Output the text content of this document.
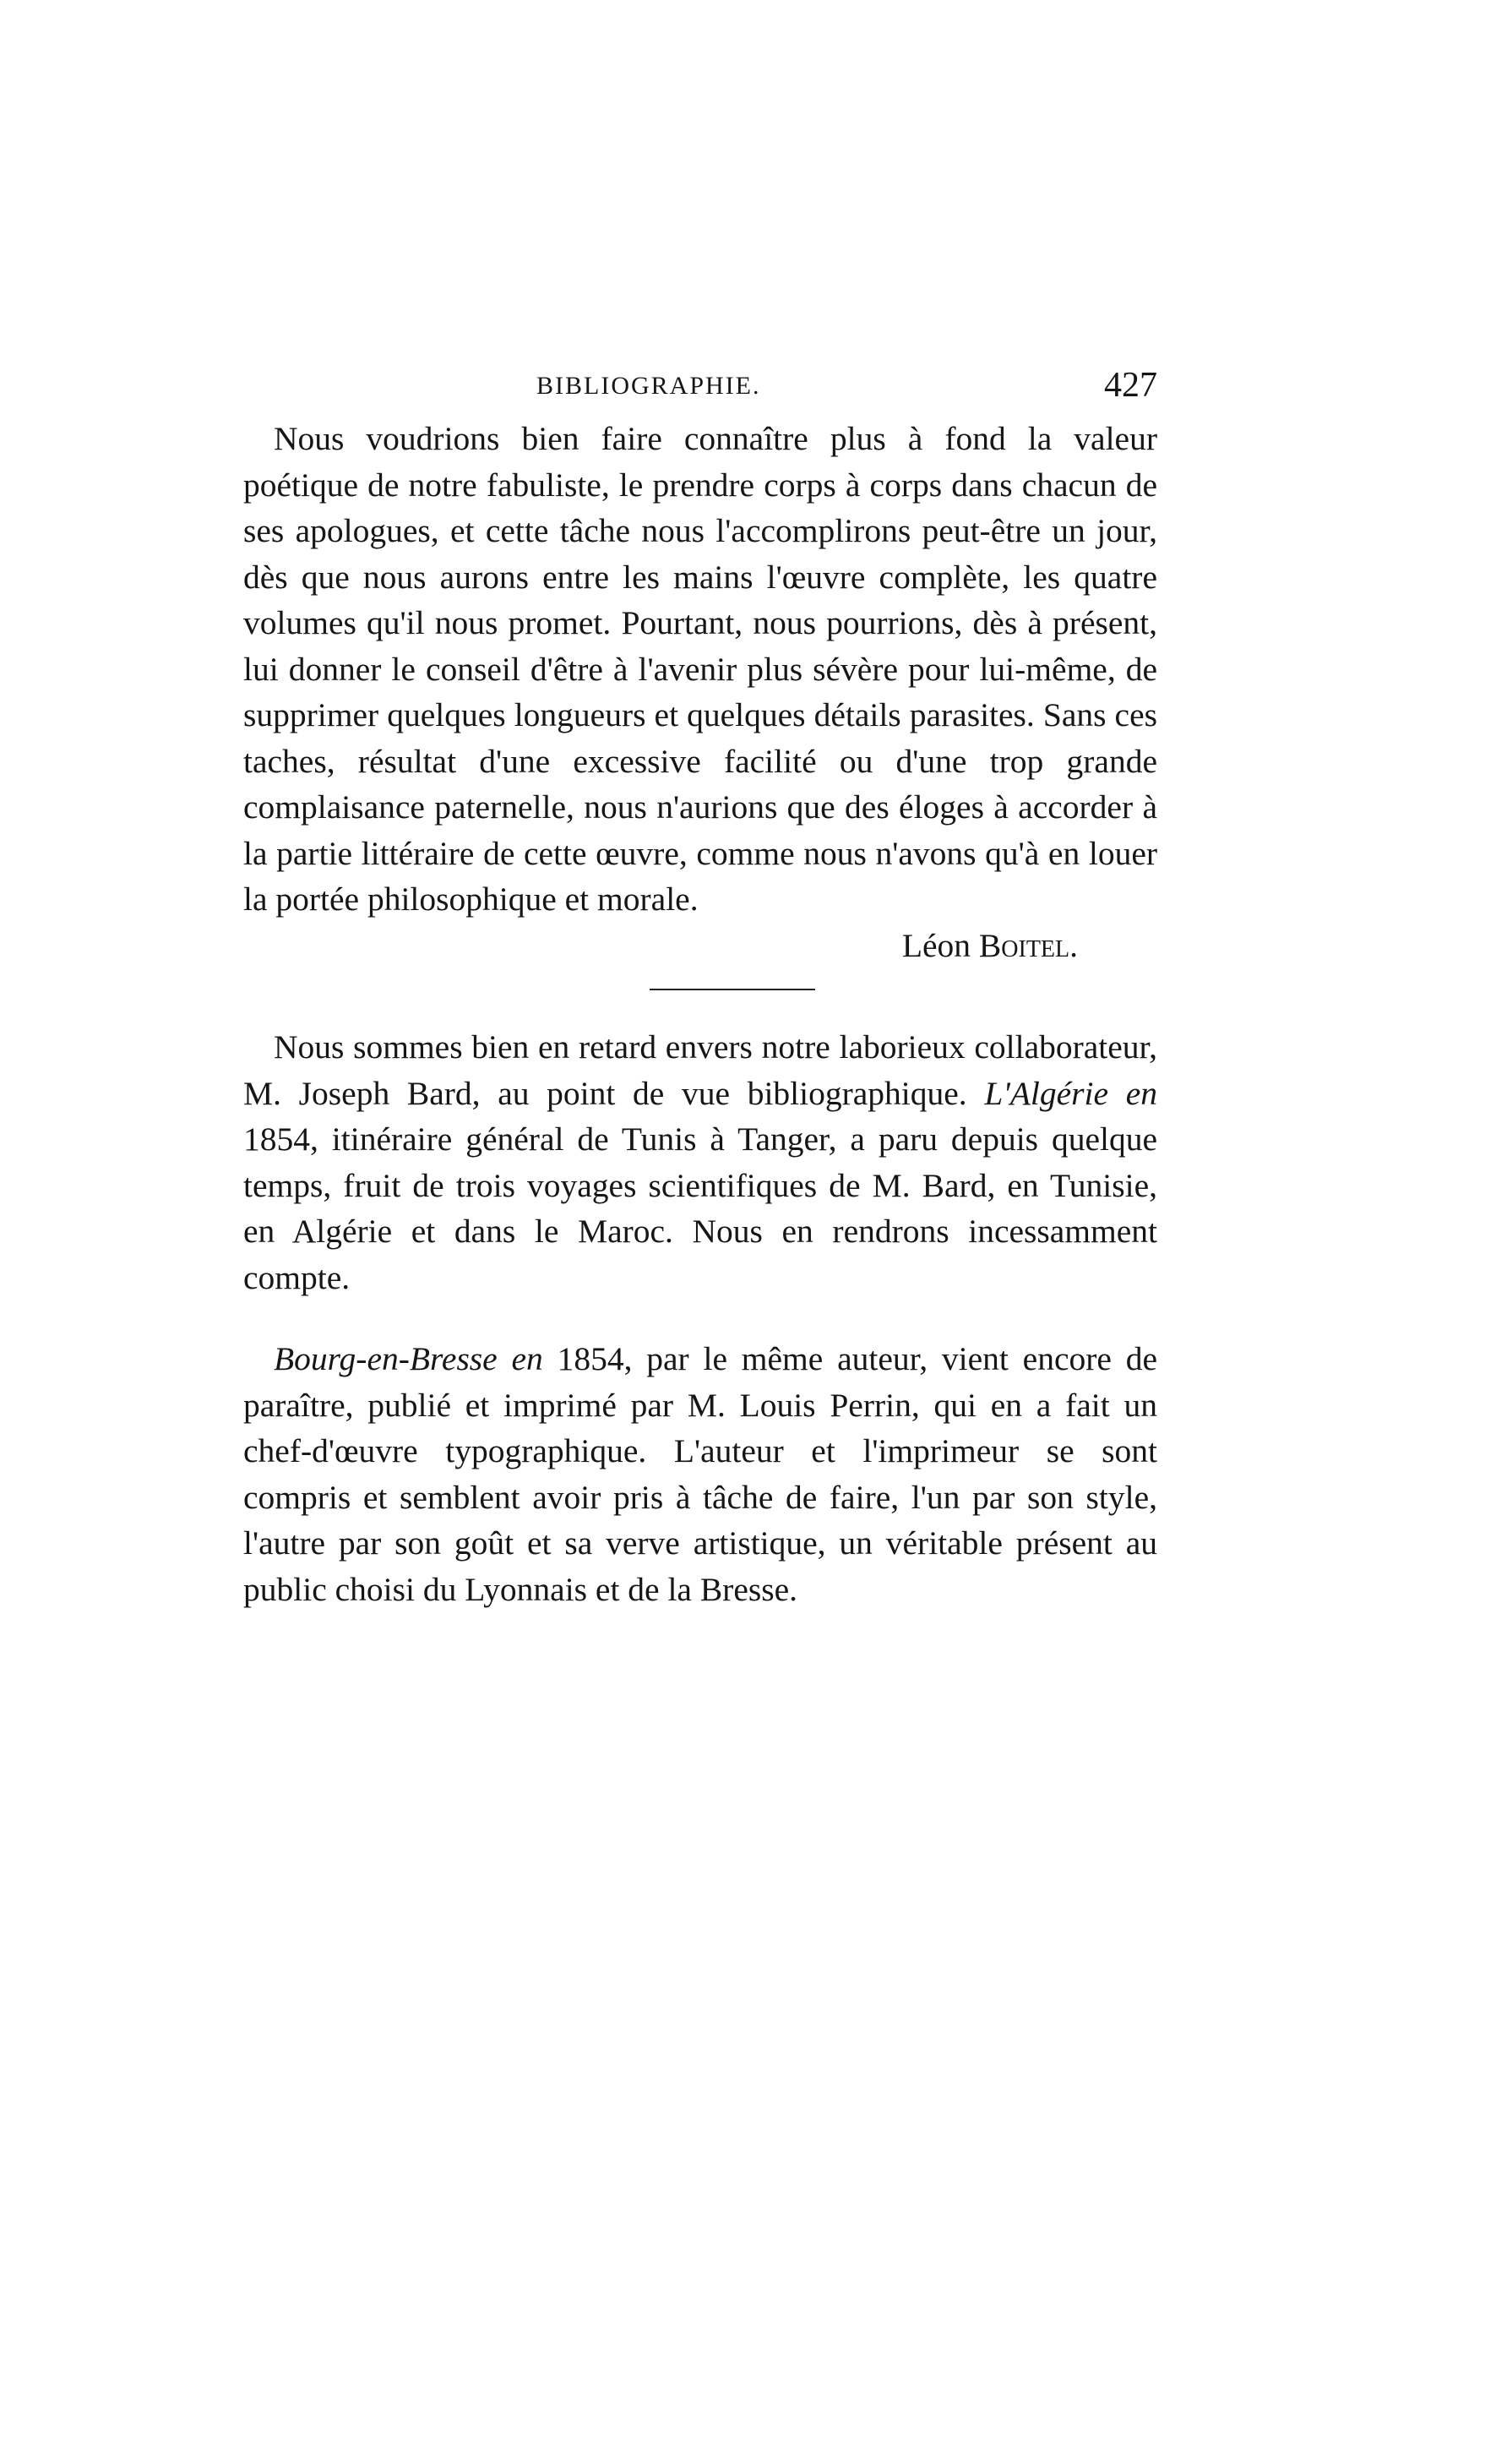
BIBLIOGRAPHIE.	427

Nous voudrions bien faire connaître plus à fond la valeur poétique de notre fabuliste, le prendre corps à corps dans chacun de ses apologues, et cette tâche nous l'accomplirons peut-être un jour, dès que nous aurons entre les mains l'œuvre complète, les quatre volumes qu'il nous promet. Pourtant, nous pourrions, dès à présent, lui donner le conseil d'être à l'avenir plus sévère pour lui-même, de supprimer quelques longueurs et quelques détails parasites. Sans ces taches, résultat d'une excessive facilité ou d'une trop grande complaisance paternelle, nous n'aurions que des éloges à accorder à la partie littéraire de cette œuvre, comme nous n'avons qu'à en louer la portée philosophique et morale.

Léon Boitel.

Nous sommes bien en retard envers notre laborieux collaborateur, M. Joseph Bard, au point de vue bibliographique. L'Algérie en 1854, itinéraire général de Tunis à Tanger, a paru depuis quelque temps, fruit de trois voyages scientifiques de M. Bard, en Tunisie, en Algérie et dans le Maroc. Nous en rendrons incessamment compte.

Bourg-en-Bresse en 1854, par le même auteur, vient encore de paraître, publié et imprimé par M. Louis Perrin, qui en a fait un chef-d'œuvre typographique. L'auteur et l'imprimeur se sont compris et semblent avoir pris à tâche de faire, l'un par son style, l'autre par son goût et sa verve artistique, un véritable présent au public choisi du Lyonnais et de la Bresse.
